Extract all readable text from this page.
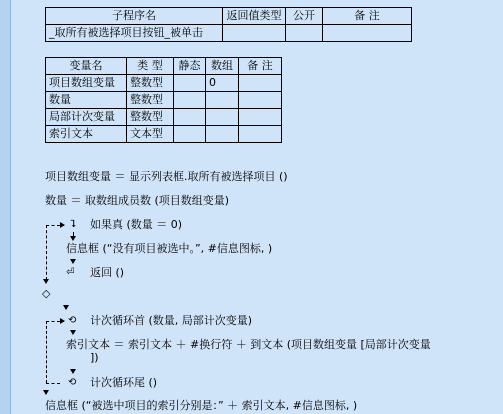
子程序名	返回值类型	公开	备 注
_取所有被选择项目按钮_被单击			
变量名	类 型	静态	数组	备 注
项目数组变量	整数型		0	
数量	整数型			
局部计次变量	整数型			
索引文本	文本型			
项目数组变量 ＝ 显示列表框.取所有被选择项目 ()
数量 ＝ 取数组成员数 (项目数组变量)
⮧ 如果真 (数量 ＝ 0)
信息框 (“没有项目被选中。”, #信息图标, )
⏎ 返回 ()
◇
⟲ 计次循环首 (数量, 局部计次变量)
索引文本 ＝ 索引文本 ＋ #换行符 ＋ 到文本 (项目数组变量 [局部计次变量
])
⟲ 计次循环尾 ()
信息框 (“被选中项目的索引分别是：” ＋ 索引文本, #信息图标, )
